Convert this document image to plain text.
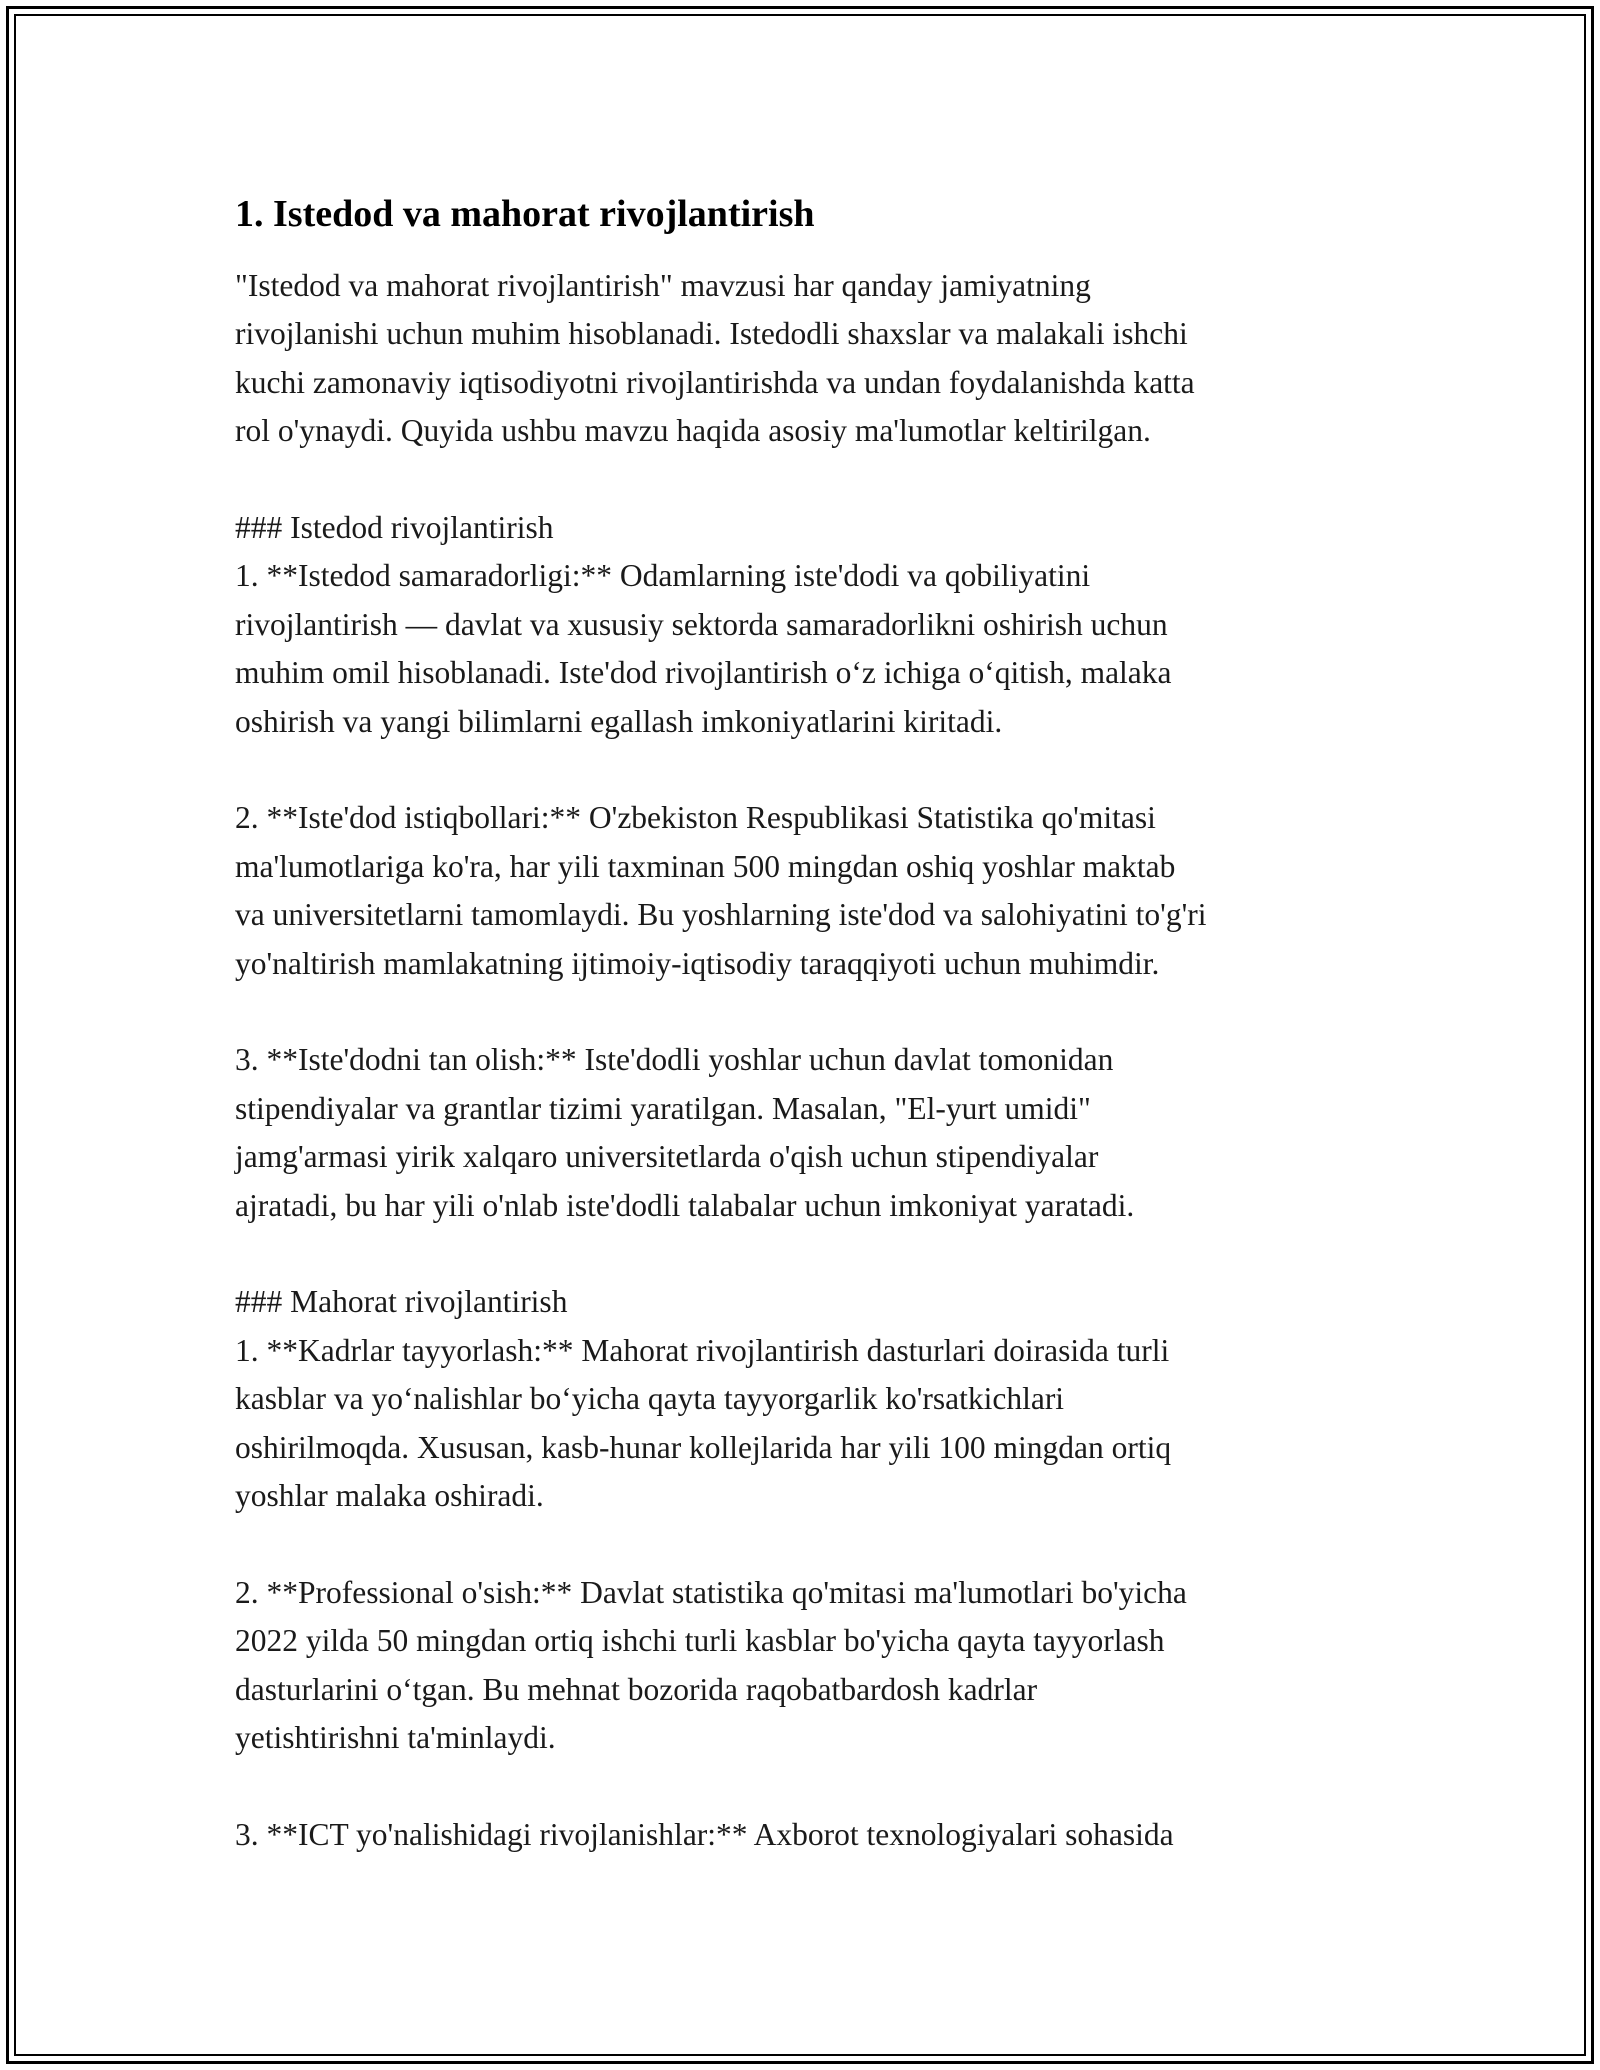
1. Istedod va mahorat rivojlantirish

"Istedod va mahorat rivojlantirish" mavzusi har qanday jamiyatning

rivojlanishi uchun muhim hisoblanadi. Istedodli shaxslar va malakali ishchi

kuchi zamonaviy iqtisodiyotni rivojlantirishda va undan foydalanishda katta

rol o'ynaydi. Quyida ushbu mavzu haqida asosiy ma'lumotlar keltirilgan.

### Istedod rivojlantirish

1. **Istedod samaradorligi:** Odamlarning iste'dodi va qobiliyatini

rivojlantirish — davlat va xususiy sektorda samaradorlikni oshirish uchun

muhim omil hisoblanadi. Iste'dod rivojlantirish oʻz ichiga oʻqitish, malaka

oshirish va yangi bilimlarni egallash imkoniyatlarini kiritadi.

2. **Iste'dod istiqbollari:** O'zbekiston Respublikasi Statistika qo'mitasi

ma'lumotlariga ko'ra, har yili taxminan 500 mingdan oshiq yoshlar maktab

va universitetlarni tamomlaydi. Bu yoshlarning iste'dod va salohiyatini to'g'ri

yo'naltirish mamlakatning ijtimoiy-iqtisodiy taraqqiyoti uchun muhimdir.

3. **Iste'dodni tan olish:** Iste'dodli yoshlar uchun davlat tomonidan

stipendiyalar va grantlar tizimi yaratilgan. Masalan, "El-yurt umidi"

jamg'armasi yirik xalqaro universitetlarda o'qish uchun stipendiyalar

ajratadi, bu har yili o'nlab iste'dodli talabalar uchun imkoniyat yaratadi.

### Mahorat rivojlantirish

1. **Kadrlar tayyorlash:** Mahorat rivojlantirish dasturlari doirasida turli

kasblar va yoʻnalishlar boʻyicha qayta tayyorgarlik ko'rsatkichlari

oshirilmoqda. Xususan, kasb-hunar kollejlarida har yili 100 mingdan ortiq

yoshlar malaka oshiradi.

2. **Professional o'sish:** Davlat statistika qo'mitasi ma'lumotlari bo'yicha

2022 yilda 50 mingdan ortiq ishchi turli kasblar bo'yicha qayta tayyorlash

dasturlarini oʻtgan. Bu mehnat bozorida raqobatbardosh kadrlar

yetishtirishni ta'minlaydi.

3. **ICT yo'nalishidagi rivojlanishlar:** Axborot texnologiyalari sohasida
